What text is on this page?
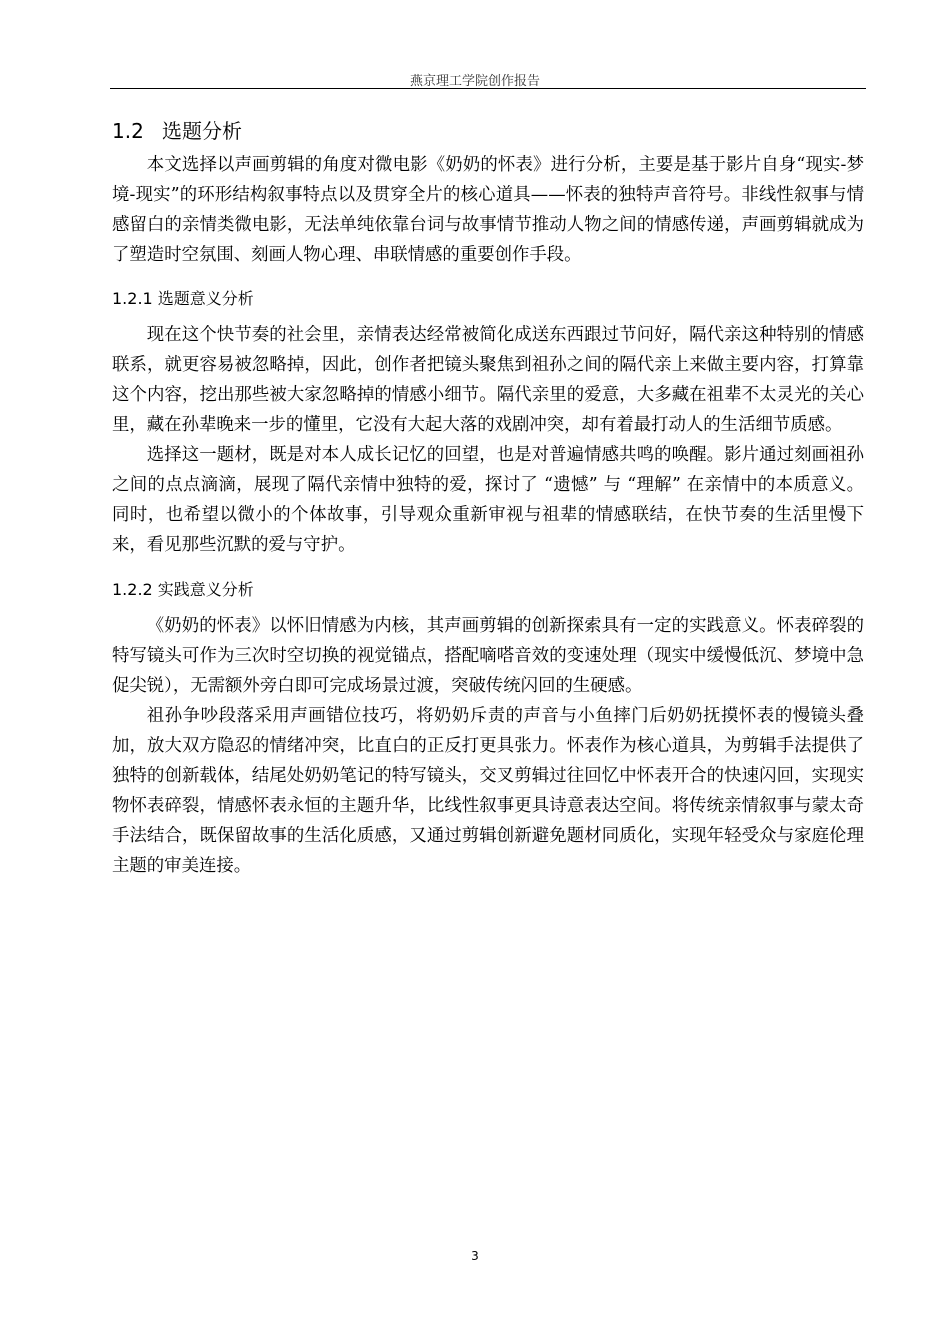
燕京理工学院创作报告
1.2 选题分析

本文选择以声画剪辑的角度对微电影《奶奶的怀表》进行分析，主要是基于影片自身“现实-梦境-现实”的环形结构叙事特点以及贯穿全片的核心道具——怀表的独特声音符号。非线性叙事与情感留白的亲情类微电影，无法单纯依靠台词与故事情节推动人物之间的情感传递，声画剪辑就成为了塑造时空氛围、刻画人物心理、串联情感的重要创作手段。

1.2.1 选题意义分析

现在这个快节奏的社会里，亲情表达经常被简化成送东西跟过节问好，隔代亲这种特别的情感联系，就更容易被忽略掉，因此，创作者把镜头聚焦到祖孙之间的隔代亲上来做主要内容，打算靠这个内容，挖出那些被大家忽略掉的情感小细节。隔代亲里的爱意，大多藏在祖辈不太灵光的关心里，藏在孙辈晚来一步的懂里，它没有大起大落的戏剧冲突，却有着最打动人的生活细节质感。

选择这一题材，既是对本人成长记忆的回望，也是对普遍情感共鸣的唤醒。影片通过刻画祖孙之间的点点滴滴，展现了隔代亲情中独特的爱，探讨了 “遗憾” 与 “理解” 在亲情中的本质意义。同时，也希望以微小的个体故事，引导观众重新审视与祖辈的情感联结，在快节奏的生活里慢下来，看见那些沉默的爱与守护。

1.2.2 实践意义分析

《奶奶的怀表》以怀旧情感为内核，其声画剪辑的创新探索具有一定的实践意义。怀表碎裂的特写镜头可作为三次时空切换的视觉锚点，搭配嘀嗒音效的变速处理（现实中缓慢低沉、梦境中急促尖锐），无需额外旁白即可完成场景过渡，突破传统闪回的生硬感。

祖孙争吵段落采用声画错位技巧，将奶奶斥责的声音与小鱼摔门后奶奶抚摸怀表的慢镜头叠加，放大双方隐忍的情绪冲突，比直白的正反打更具张力。怀表作为核心道具，为剪辑手法提供了独特的创新载体，结尾处奶奶笔记的特写镜头，交叉剪辑过往回忆中怀表开合的快速闪回，实现实物怀表碎裂，情感怀表永恒的主题升华，比线性叙事更具诗意表达空间。将传统亲情叙事与蒙太奇手法结合，既保留故事的生活化质感，又通过剪辑创新避免题材同质化，实现年轻受众与家庭伦理主题的审美连接。

3
